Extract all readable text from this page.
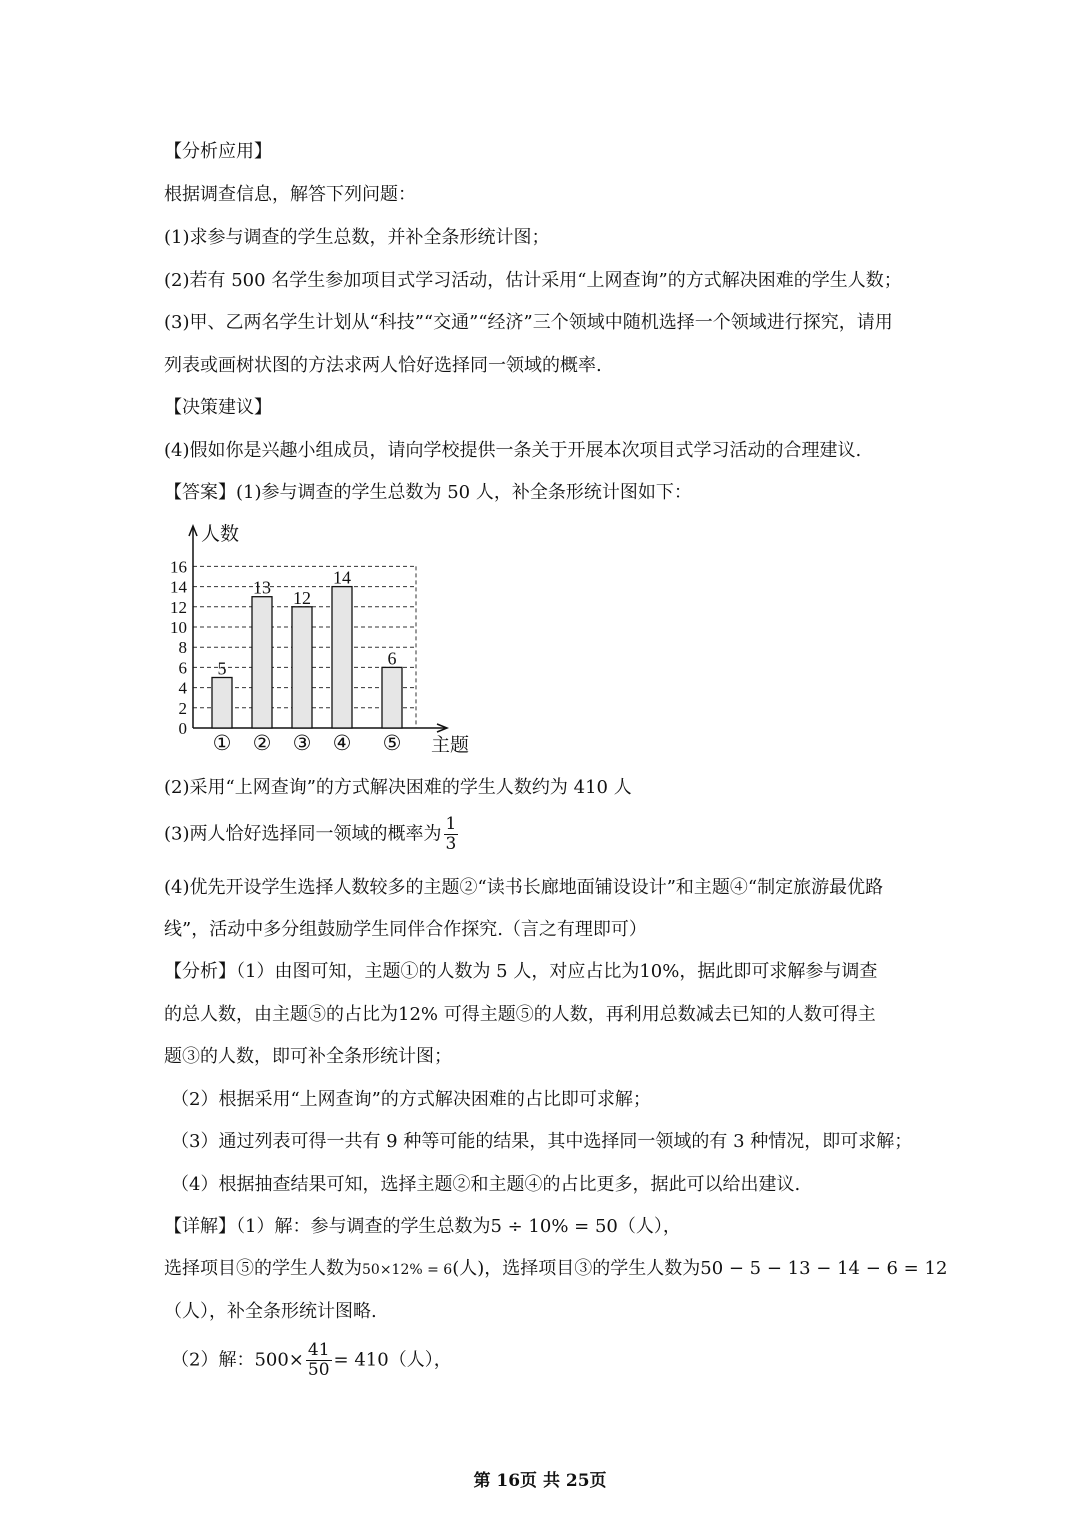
【分析应用】
根据调查信息，解答下列问题：
(1)求参与调查的学生总数，并补全条形统计图；
(2)若有 500 名学生参加项目式学习活动，估计采用“上网查询”的方式解决困难的学生人数；
(3)甲、乙两名学生计划从“科技”“交通”“经济”三个领域中随机选择一个领域进行探究，请用
列表或画树状图的方法求两人恰好选择同一领域的概率.
【决策建议】
(4)假如你是兴趣小组成员，请向学校提供一条关于开展本次项目式学习活动的合理建议.
【答案】(1)参与调查的学生总数为 50 人，补全条形统计图如下：
0
2
4
6
8
10
12
14
16
人数
主题
5
①
13
②
12
③
14
④
6
⑤
(2)采用“上网查询”的方式解决困难的学生人数约为 410 人
(3)两人恰好选择同一领域的概率为 $\frac{1}{3}$
(4)优先开设学生选择人数较多的主题②“读书长廊地面铺设设计”和主题④“制定旅游最优路
线”，活动中多分组鼓励学生同伴合作探究.（言之有理即可）
【分析】（1）由图可知，主题①的人数为 5 人，对应占比为10%，据此即可求解参与调查
的总人数，由主题⑤的占比为12% 可得主题⑤的人数，再利用总数减去已知的人数可得主
题③的人数，即可补全条形统计图；
（2）根据采用“上网查询”的方式解决困难的占比即可求解；
（3）通过列表可得一共有 9 种等可能的结果，其中选择同一领域的有 3 种情况，即可求解；
（4）根据抽查结果可知，选择主题②和主题④的占比更多，据此可以给出建议.
【详解】（1）解：参与调查的学生总数为5 ÷ 10% = 50（人），
选择项目⑤的学生人数为50×12% = 6(人)，选择项目③的学生人数为50 − 5 − 13 − 14 − 6 = 12
（人），补全条形统计图略.
（2）解：$500\times \frac{41}{50} = 410$（人），
第 16页 共 25页
